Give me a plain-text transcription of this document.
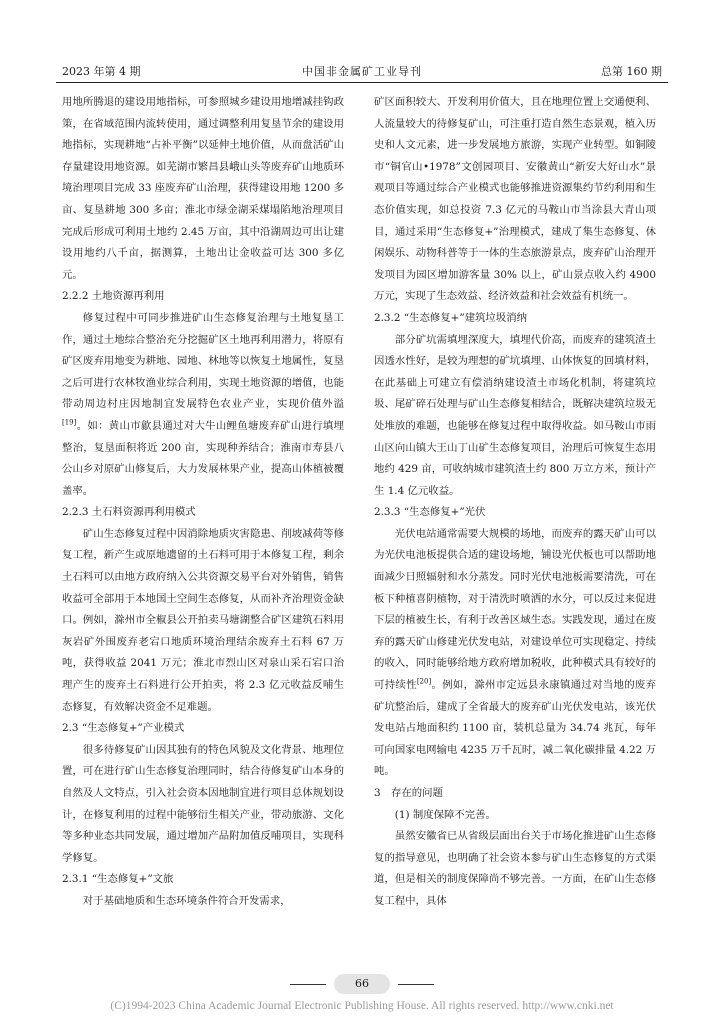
2023 年第 4 期	中国非金属矿工业导刊	总第 160 期

用地所腾退的建设用地指标，可参照城乡建设用地增减挂钩政策，在省域范围内流转使用，通过调整利用复垦节余的建设用地指标，实现耕地“占补平衡”以延伸土地价值，从而盘活矿山存量建设用地资源。如芜湖市繁昌县峨山头等废弃矿山地质环境治理项目完成 33 座废弃矿山治理，获得建设用地 1200 多亩、复垦耕地 300 多亩；淮北市绿金湖采煤塌陷地治理项目完成后形成可利用土地约 2.45 万亩，其中沿湖周边可出让建设用地约八千亩，据测算，土地出让金收益可达 300 多亿元。

2.2.2 土地资源再利用

修复过程中可同步推进矿山生态修复治理与土地复垦工作，通过土地综合整治充分挖掘矿区土地再利用潜力，将原有矿区废弃用地变为耕地、园地、林地等以恢复土地属性，复垦之后可进行农林牧渔业综合利用，实现土地资源的增值，也能带动周边村庄因地制宜发展特色农业产业，实现价值外溢[19]。如：黄山市歙县通过对大牛山鲤鱼塘废弃矿山进行填埋整治，复垦面积将近 200 亩，实现种养结合；淮南市寿县八公山乡对原矿山修复后，大力发展林果产业，提高山体植被覆盖率。

2.2.3 土石料资源再利用模式

矿山生态修复过程中因消除地质灾害隐患、削坡减荷等修复工程，新产生或原地遗留的土石料可用于本修复工程，剩余土石料可以由地方政府纳入公共资源交易平台对外销售，销售收益可全部用于本地国土空间生态修复，从而补齐治理资金缺口。例如，滁州市全椒县公开拍卖马塘湖整合矿区建筑石料用灰岩矿外围废弃老宕口地质环境治理结余废弃土石料 67 万吨，获得收益 2041 万元；淮北市烈山区对泉山采石宕口治理产生的废弃土石料进行公开拍卖，将 2.3 亿元收益反哺生态修复，有效解决资金不足难题。

2.3 “生态修复+”产业模式

很多待修复矿山因其独有的特色风貌及文化背景、地理位置，可在进行矿山生态修复治理同时，结合待修复矿山本身的自然及人文特点，引入社会资本因地制宜进行项目总体规划设计，在修复利用的过程中能够衍生相关产业，带动旅游、文化等多种业态共同发展，通过增加产品附加值反哺项目，实现科学修复。

2.3.1 “生态修复+”文旅

对于基础地质和生态环境条件符合开发需求，

矿区面积较大、开发利用价值大，且在地理位置上交通便利、人流量较大的待修复矿山，可注重打造自然生态景观，植入历史和人文元素，进一步发展地方旅游，实现产业转型。如铜陵市“铜官山•1978”文创园项目、安徽黄山“新安大好山水”景观项目等通过综合产业模式也能够推进资源集约节约利用和生态价值实现，如总投资 7.3 亿元的马鞍山市当涂县大青山项目，通过采用“生态修复+”治理模式，建成了集生态修复、休闲娱乐、动物科普等于一体的生态旅游景点，废弃矿山治理开发项目为园区增加游客量 30% 以上，矿山景点收入约 4900 万元，实现了生态效益、经济效益和社会效益有机统一。

2.3.2 “生态修复+”建筑垃圾消纳

部分矿坑需填埋深度大，填埋代价高，而废弃的建筑渣土因透水性好，是较为理想的矿坑填埋、山体恢复的回填材料，在此基础上可建立有偿消纳建设渣土市场化机制，将建筑垃圾、尾矿碎石处理与矿山生态修复相结合，既解决建筑垃圾无处堆放的难题，也能够在修复过程中取得收益。如马鞍山市雨山区向山镇大王山丁山矿生态修复项目，治理后可恢复生态用地约 429 亩，可收纳城市建筑渣土约 800 万立方米，预计产生 1.4 亿元收益。

2.3.3 “生态修复+”光伏

光伏电站通常需要大规模的场地，而废弃的露天矿山可以为光伏电池板提供合适的建设场地，铺设光伏板也可以帮助地面减少日照辐射和水分蒸发。同时光伏电池板需要清洗，可在板下种植喜阴植物，对于清洗时喷洒的水分，可以反过来促进下层的植被生长，有利于改善区域生态。实践发现，通过在废弃的露天矿山修建光伏发电站，对建设单位可实现稳定、持续的收入，同时能够给地方政府增加税收，此种模式具有较好的可持续性[20]。例如，滁州市定远县永康镇通过对当地的废弃矿坑整治后，建成了全省最大的废弃矿山光伏发电站，该光伏发电站占地面积约 1100 亩，装机总量为 34.74 兆瓦，每年可向国家电网输电 4235 万千瓦时，减二氧化碳排量 4.22 万吨。

3　存在的问题
(1) 制度保障不完善。

虽然安徽省已从省级层面出台关于市场化推进矿山生态修复的指导意见，也明确了社会资本参与矿山生态修复的方式渠道，但是相关的制度保障尚不够完善。一方面，在矿山生态修复工程中，具体

66
(C)1994-2023 China Academic Journal Electronic Publishing House. All rights reserved. http://www.cnki.net
